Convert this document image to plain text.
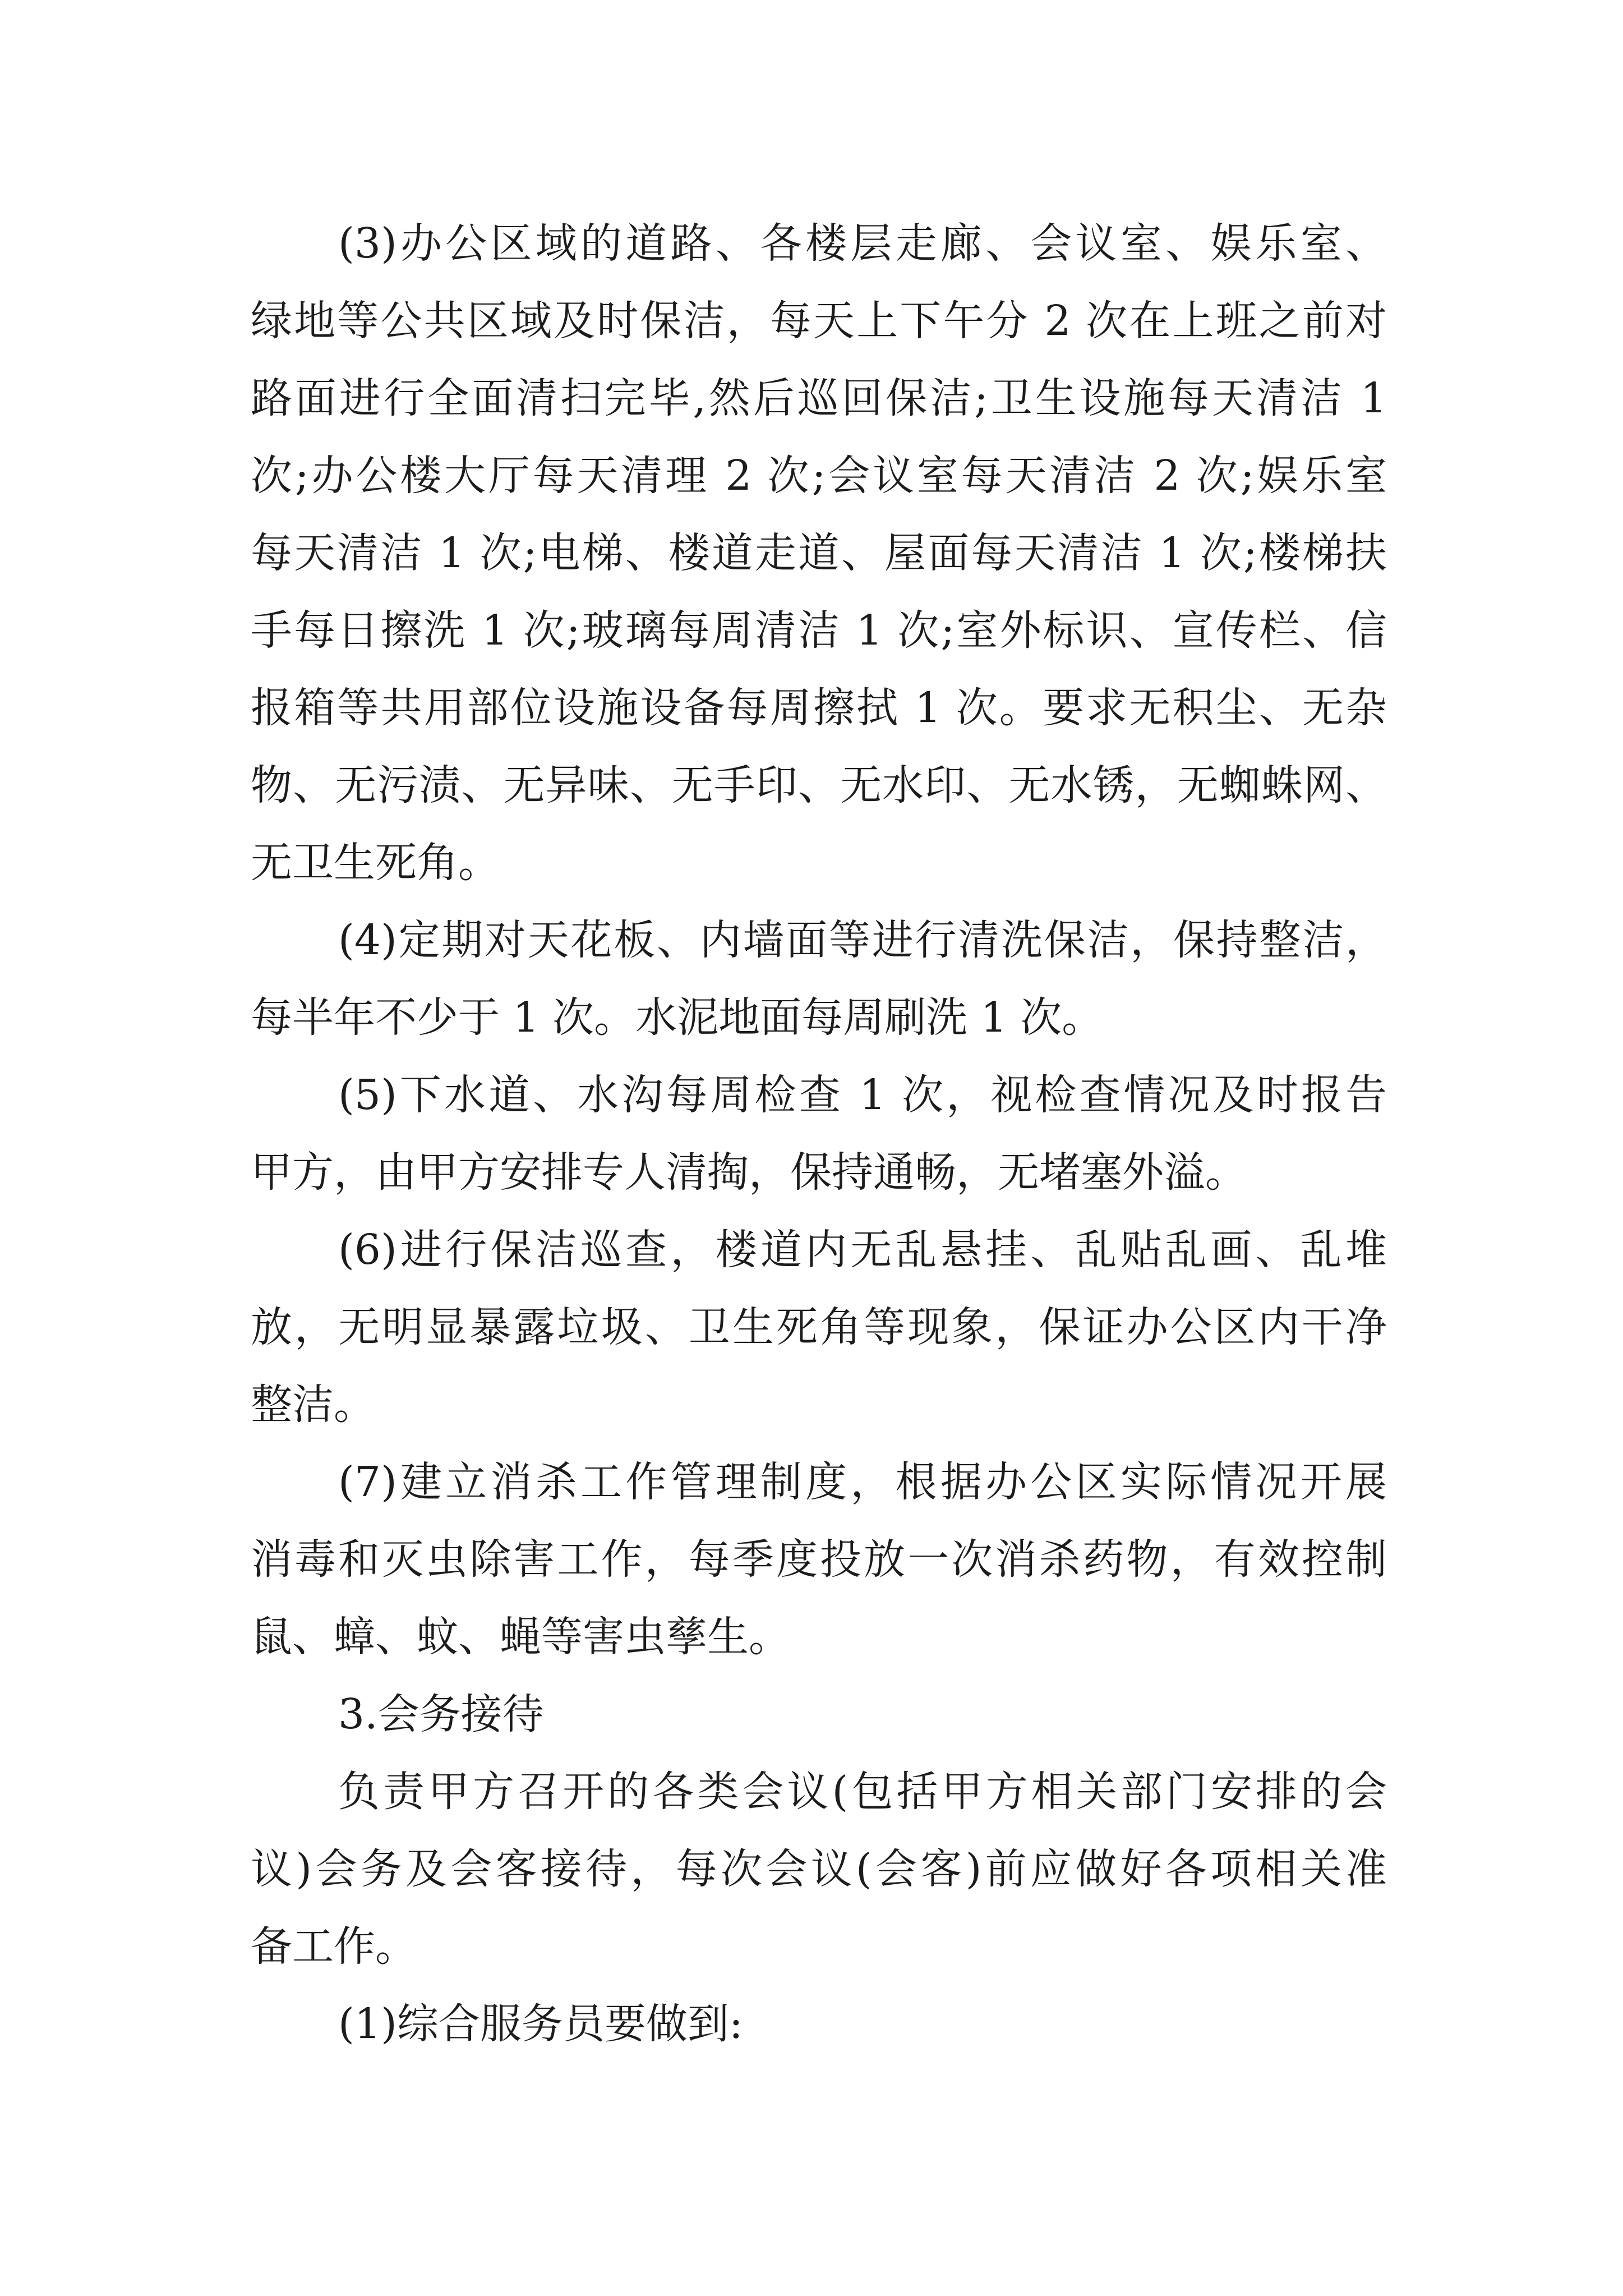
(3)办公区域的道路、各楼层走廊、会议室、娱乐室、
绿地等公共区域及时保洁，每天上下午分 2 次在上班之前对
路面进行全面清扫完毕,然后巡回保洁;卫生设施每天清洁 1
次;办公楼大厅每天清理 2 次;会议室每天清洁 2 次;娱乐室
每天清洁 1 次;电梯、楼道走道、屋面每天清洁 1 次;楼梯扶
手每日擦洗 1 次;玻璃每周清洁 1 次;室外标识、宣传栏、信
报箱等共用部位设施设备每周擦拭 1 次。要求无积尘、无杂
物、无污渍、无异味、无手印、无水印、无水锈，无蜘蛛网、
无卫生死角。
(4)定期对天花板、内墙面等进行清洗保洁，保持整洁，
每半年不少于 1 次。水泥地面每周刷洗 1 次。
(5)下水道、水沟每周检查 1 次，视检查情况及时报告
甲方，由甲方安排专人清掏，保持通畅，无堵塞外溢。
(6)进行保洁巡查，楼道内无乱悬挂、乱贴乱画、乱堆
放，无明显暴露垃圾、卫生死角等现象，保证办公区内干净
整洁。
(7)建立消杀工作管理制度，根据办公区实际情况开展
消毒和灭虫除害工作，每季度投放一次消杀药物，有效控制
鼠、蟑、蚊、蝇等害虫孳生。
3.会务接待
负责甲方召开的各类会议(包括甲方相关部门安排的会
议)会务及会客接待，每次会议(会客)前应做好各项相关准
备工作。
(1)综合服务员要做到:
